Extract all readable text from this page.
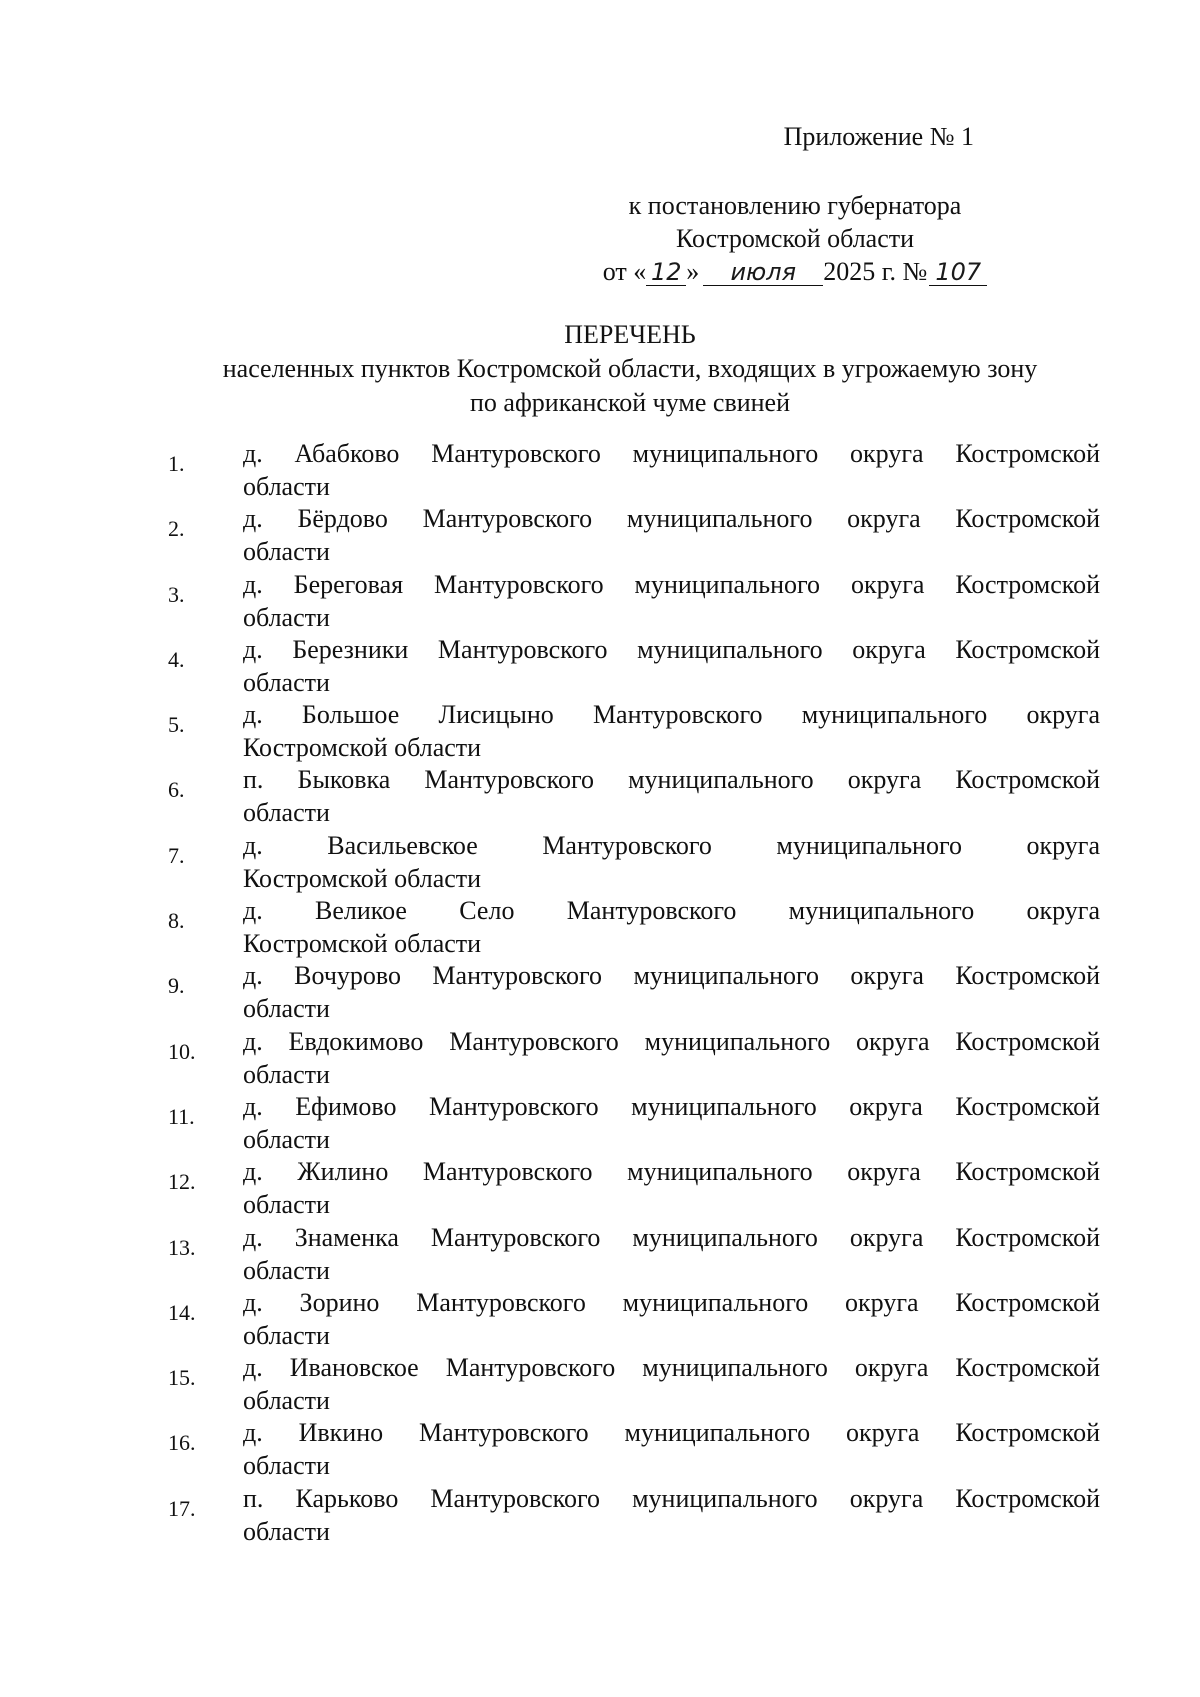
Приложение № 1
к постановлению губернатора
Костромской области
от « 12 » июля 2025 г. № 107
ПЕРЕЧЕНЬ
населенных пунктов Костромской области, входящих в угрожаемую зону
по африканской чуме свиней
1. д. Абабково Мантуровского муниципального округа Костромской
области
2. д. Бёрдово Мантуровского муниципального округа Костромской
области
3. д. Береговая Мантуровского муниципального округа Костромской
области
4. д. Березники Мантуровского муниципального округа Костромской
области
5. д. Большое Лисицыно Мантуровского муниципального округа
Костромской области
6. п. Быковка Мантуровского муниципального округа Костромской
области
7. д. Васильевское Мантуровского муниципального округа
Костромской области
8. д. Великое Село Мантуровского муниципального округа
Костромской области
9. д. Вочурово Мантуровского муниципального округа Костромской
области
10. д. Евдокимово Мантуровского муниципального округа Костромской
области
11. д. Ефимово Мантуровского муниципального округа Костромской
области
12. д. Жилино Мантуровского муниципального округа Костромской
области
13. д. Знаменка Мантуровского муниципального округа Костромской
области
14. д. Зорино Мантуровского муниципального округа Костромской
области
15. д. Ивановское Мантуровского муниципального округа Костромской
области
16. д. Ивкино Мантуровского муниципального округа Костромской
области
17. п. Карьково Мантуровского муниципального округа Костромской
области
